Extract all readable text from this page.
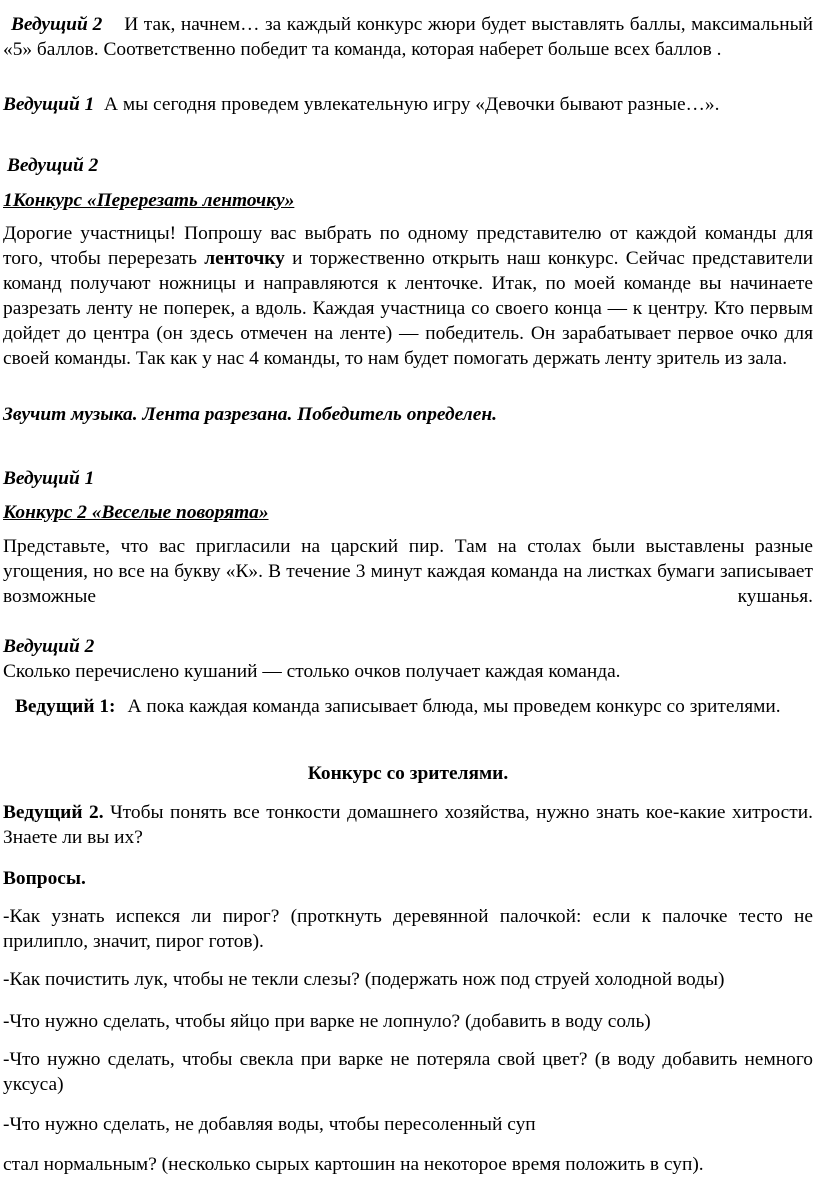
Ведущий 2 И так, начнем… за каждый конкурс жюри будет выставлять баллы, максимальный «5» баллов. Соответственно победит та команда, которая наберет больше всех баллов .

Ведущий 1 А мы сегодня проведем увлекательную игру «Девочки бывают разные…».

Ведущий 2

1Конкурс «Перерезать ленточку»

Дорогие участницы! Попрошу вас выбрать по одному представителю от каждой команды для того, чтобы перерезать ленточку и торжественно открыть наш конкурс. Сейчас представители команд получают ножницы и направляются к ленточке. Итак, по моей команде вы начинаете разрезать ленту не поперек, а вдоль. Каждая участница со своего конца — к центру. Кто первым дойдет до центра (он здесь отмечен на ленте) — победитель. Он зарабатывает первое очко для своей команды. Так как у нас 4 команды, то нам будет помогать держать ленту зритель из зала.

Звучит музыка. Лента разрезана. Победитель определен.

Ведущий 1

Конкурс 2 «Веселые поворята»

Представьте, что вас пригласили на царский пир. Там на столах были выставлены разные угощения, но все на букву «К». В течение 3 минут каждая команда на листках бумаги записывает возможные кушанья.

Ведущий 2

Сколько перечислено кушаний — столько очков получает каждая команда.

Ведущий 1: А пока каждая команда записывает блюда, мы проведем конкурс со зрителями.

Конкурс со зрителями.

Ведущий 2. Чтобы понять все тонкости домашнего хозяйства, нужно знать кое-какие хитрости. Знаете ли вы их?

Вопросы.

-Как узнать испекся ли пирог? (проткнуть деревянной палочкой: если к палочке тесто не прилипло, значит, пирог готов).

-Как почистить лук, чтобы не текли слезы? (подержать нож под струей холодной воды)

-Что нужно сделать, чтобы яйцо при варке не лопнуло? (добавить в воду соль)

-Что нужно сделать, чтобы свекла при варке не потеряла свой цвет? (в воду добавить немного уксуса)

-Что нужно сделать, не добавляя воды, чтобы пересоленный суп

стал нормальным? (несколько сырых картошин на некоторое время положить в суп).
